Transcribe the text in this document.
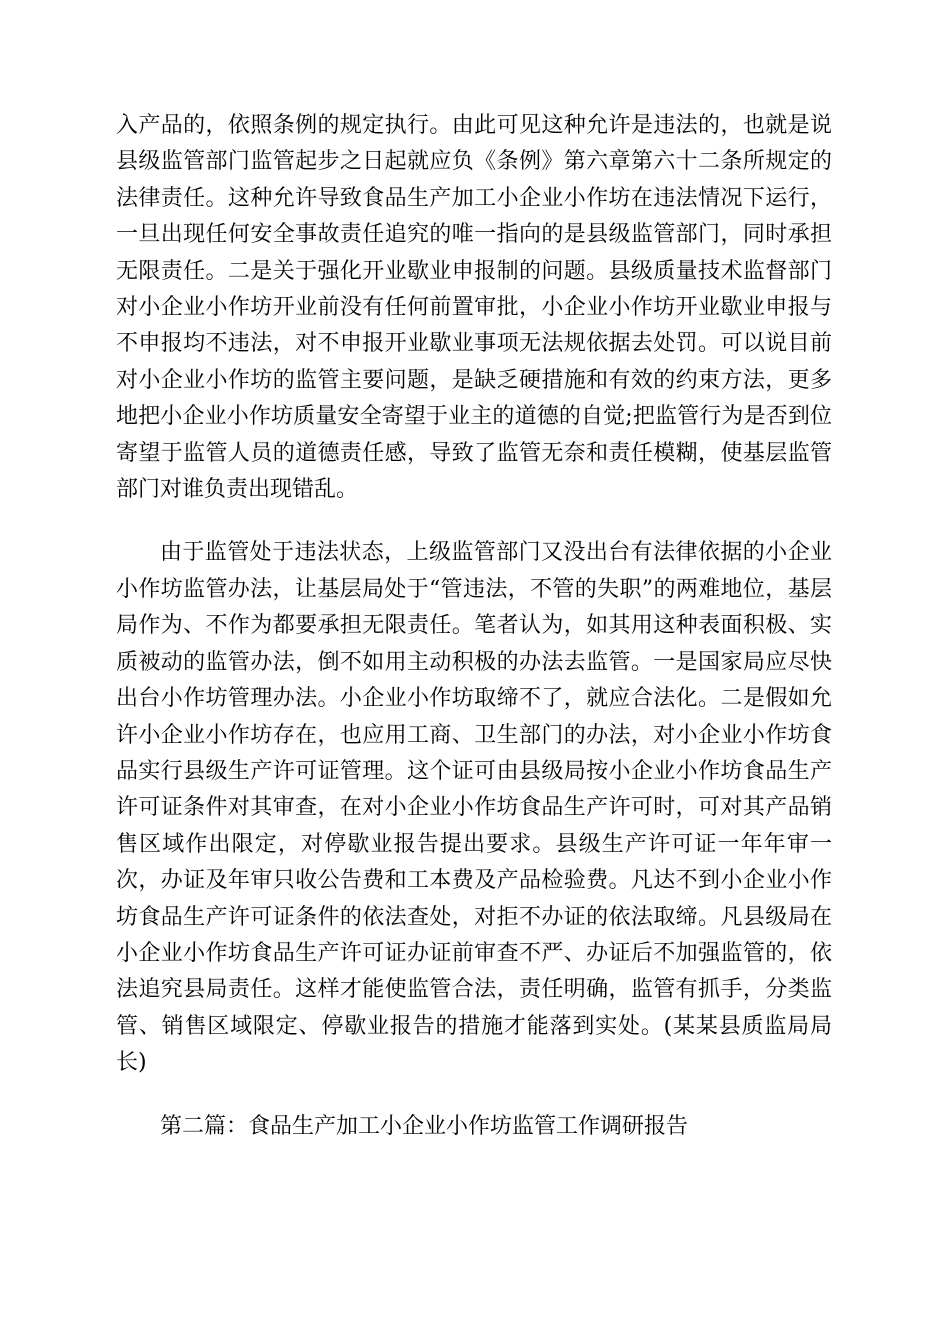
入产品的，依照条例的规定执行。由此可见这种允许是违法的，也就是说县级监管部门监管起步之日起就应负《条例》第六章第六十二条所规定的法律责任。这种允许导致食品生产加工小企业小作坊在违法情况下运行，一旦出现任何安全事故责任追究的唯一指向的是县级监管部门，同时承担无限责任。二是关于强化开业歇业申报制的问题。县级质量技术监督部门对小企业小作坊开业前没有任何前置审批，小企业小作坊开业歇业申报与不申报均不违法，对不申报开业歇业事项无法规依据去处罚。可以说目前对小企业小作坊的监管主要问题，是缺乏硬措施和有效的约束方法，更多地把小企业小作坊质量安全寄望于业主的道德的自觉;把监管行为是否到位寄望于监管人员的道德责任感，导致了监管无奈和责任模糊，使基层监管部门对谁负责出现错乱。

由于监管处于违法状态，上级监管部门又没出台有法律依据的小企业小作坊监管办法，让基层局处于“管违法，不管的失职”的两难地位，基层局作为、不作为都要承担无限责任。笔者认为，如其用这种表面积极、实质被动的监管办法，倒不如用主动积极的办法去监管。一是国家局应尽快出台小作坊管理办法。小企业小作坊取缔不了，就应合法化。二是假如允许小企业小作坊存在，也应用工商、卫生部门的办法，对小企业小作坊食品实行县级生产许可证管理。这个证可由县级局按小企业小作坊食品生产许可证条件对其审查，在对小企业小作坊食品生产许可时，可对其产品销售区域作出限定，对停歇业报告提出要求。县级生产许可证一年年审一次，办证及年审只收公告费和工本费及产品检验费。凡达不到小企业小作坊食品生产许可证条件的依法查处，对拒不办证的依法取缔。凡县级局在小企业小作坊食品生产许可证办证前审查不严、办证后不加强监管的，依法追究县局责任。这样才能使监管合法，责任明确，监管有抓手，分类监管、销售区域限定、停歇业报告的措施才能落到实处。(某某县质监局局长)

第二篇：食品生产加工小企业小作坊监管工作调研报告
